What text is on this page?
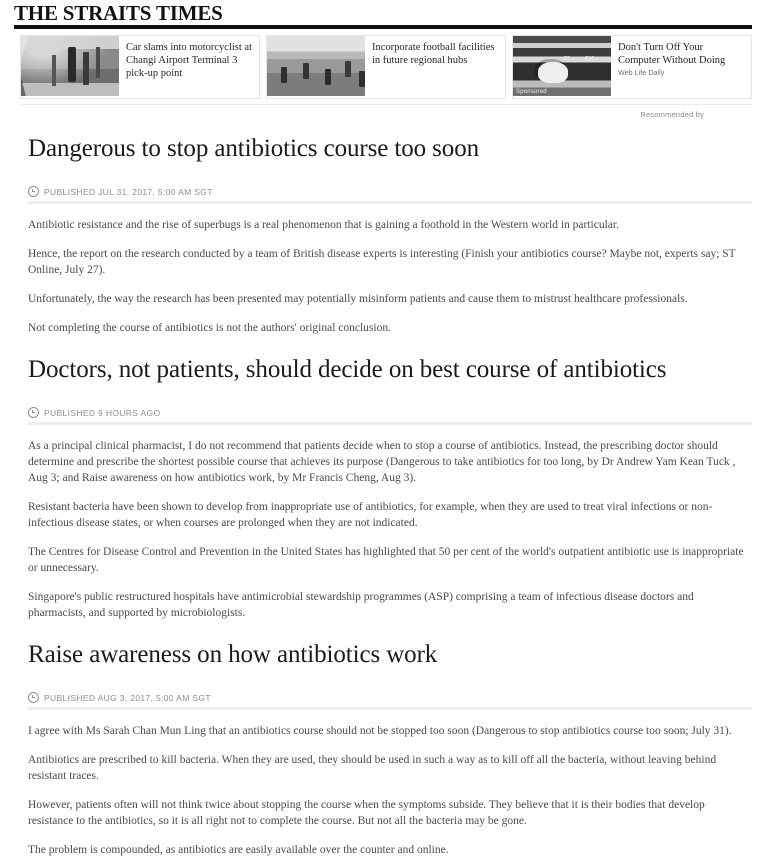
THE STRAITS TIMES
Car slams into motorcyclist at Changi Airport Terminal 3 pick-up point
Incorporate football facilities in future regional hubs	F9	F10
Sponsored
Don't Turn Off Your Computer Without Doing
Web Life Daily
Recommended by
Dangerous to stop antibiotics course too soon
PUBLISHED JUL 31, 2017, 5:00 AM SGT

Antibiotic resistance and the rise of superbugs is a real phenomenon that is gaining a foothold in the Western world in particular.

Hence, the report on the research conducted by a team of British disease experts is interesting (Finish your antibiotics course? Maybe not, experts say; ST Online, July 27).

Unfortunately, the way the research has been presented may potentially misinform patients and cause them to mistrust healthcare professionals.

Not completing the course of antibiotics is not the authors' original conclusion.

Doctors, not patients, should decide on best course of antibiotics
PUBLISHED 9 HOURS AGO

As a principal clinical pharmacist, I do not recommend that patients decide when to stop a course of antibiotics. Instead, the prescribing doctor should determine and prescribe the shortest possible course that achieves its purpose (Dangerous to take antibiotics for too long, by Dr Andrew Yam Kean Tuck , Aug 3; and Raise awareness on how antibiotics work, by Mr Francis Cheng, Aug 3).

Resistant bacteria have been shown to develop from inappropriate use of antibiotics, for example, when they are used to treat viral infections or non-infectious disease states, or when courses are prolonged when they are not indicated.

The Centres for Disease Control and Prevention in the United States has highlighted that 50 per cent of the world's outpatient antibiotic use is inappropriate or unnecessary.

Singapore's public restructured hospitals have antimicrobial stewardship programmes (ASP) comprising a team of infectious disease doctors and pharmacists, and supported by microbiologists.

Raise awareness on how antibiotics work
PUBLISHED AUG 3, 2017, 5:00 AM SGT

I agree with Ms Sarah Chan Mun Ling that an antibiotics course should not be stopped too soon (Dangerous to stop antibiotics course too soon; July 31).

Antibiotics are prescribed to kill bacteria. When they are used, they should be used in such a way as to kill off all the bacteria, without leaving behind resistant traces.

However, patients often will not think twice about stopping the course when the symptoms subside. They believe that it is their bodies that develop resistance to the antibiotics, so it is all right not to complete the course. But not all the bacteria may be gone.

The problem is compounded, as antibiotics are easily available over the counter and online.
